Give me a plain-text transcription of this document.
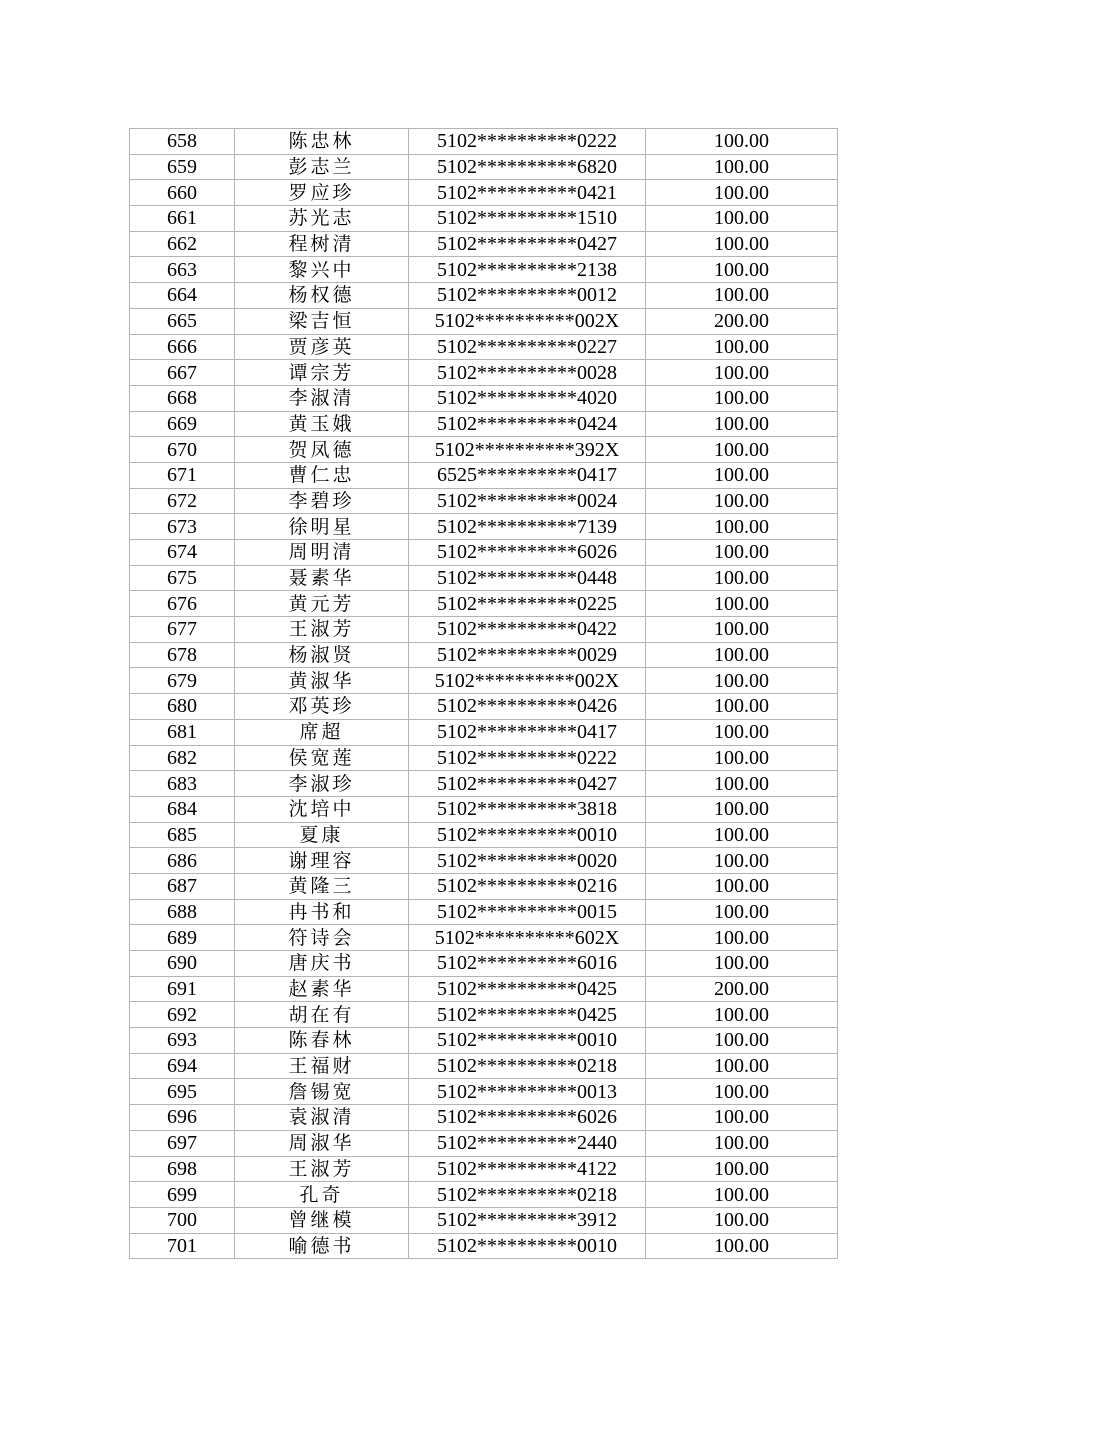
658	陈忠林	5102**********0222	100.00
659	彭志兰	5102**********6820	100.00
660	罗应珍	5102**********0421	100.00
661	苏光志	5102**********1510	100.00
662	程树清	5102**********0427	100.00
663	黎兴中	5102**********2138	100.00
664	杨权德	5102**********0012	100.00
665	梁吉恒	5102**********002X	200.00
666	贾彦英	5102**********0227	100.00
667	谭宗芳	5102**********0028	100.00
668	李淑清	5102**********4020	100.00
669	黄玉娥	5102**********0424	100.00
670	贺凤德	5102**********392X	100.00
671	曹仁忠	6525**********0417	100.00
672	李碧珍	5102**********0024	100.00
673	徐明星	5102**********7139	100.00
674	周明清	5102**********6026	100.00
675	聂素华	5102**********0448	100.00
676	黄元芳	5102**********0225	100.00
677	王淑芳	5102**********0422	100.00
678	杨淑贤	5102**********0029	100.00
679	黄淑华	5102**********002X	100.00
680	邓英珍	5102**********0426	100.00
681	席超	5102**********0417	100.00
682	侯宽莲	5102**********0222	100.00
683	李淑珍	5102**********0427	100.00
684	沈培中	5102**********3818	100.00
685	夏康	5102**********0010	100.00
686	谢理容	5102**********0020	100.00
687	黄隆三	5102**********0216	100.00
688	冉书和	5102**********0015	100.00
689	符诗会	5102**********602X	100.00
690	唐庆书	5102**********6016	100.00
691	赵素华	5102**********0425	200.00
692	胡在有	5102**********0425	100.00
693	陈春林	5102**********0010	100.00
694	王福财	5102**********0218	100.00
695	詹锡宽	5102**********0013	100.00
696	袁淑清	5102**********6026	100.00
697	周淑华	5102**********2440	100.00
698	王淑芳	5102**********4122	100.00
699	孔奇	5102**********0218	100.00
700	曾继模	5102**********3912	100.00
701	喻德书	5102**********0010	100.00
